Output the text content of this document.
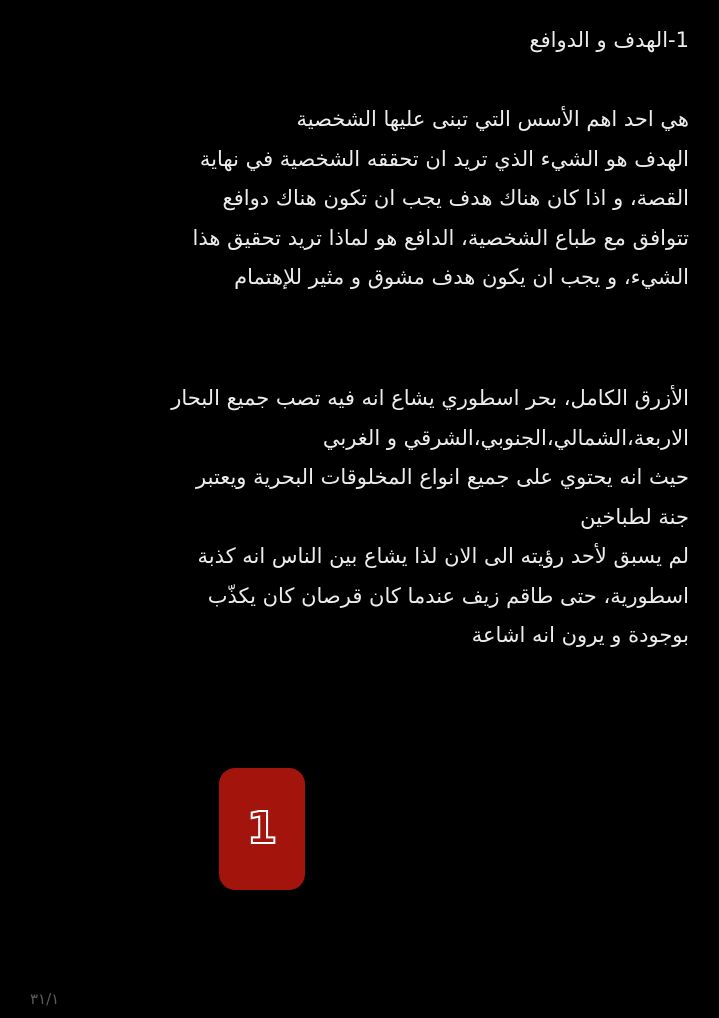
1-الهدف و الدوافع
هي احد اهم الأسس التي تبنى عليها الشخصية
الهدف هو الشيء الذي تريد ان تحققه الشخصية في نهاية
القصة، و اذا كان هناك هدف يجب ان تكون هناك دوافع
تتوافق مع طباع الشخصية، الدافع هو لماذا تريد تحقيق هذا
الشيء، و يجب ان يكون هدف مشوق و مثير للإهتمام
الأزرق الكامل، بحر اسطوري يشاع انه فيه تصب جميع البحار
الاربعة،الشمالي،الجنوبي،الشرقي و الغربي
حيث انه يحتوي على جميع انواع المخلوقات البحرية ويعتبر
جنة لطباخين
لم يسبق لأحد رؤيته الى الان لذا يشاع بين الناس انه كذبة
اسطورية، حتى طاقم زيف عندما كان قرصان كان يكذّب
بوجودة و يرون انه اشاعة
1
٣١/١
